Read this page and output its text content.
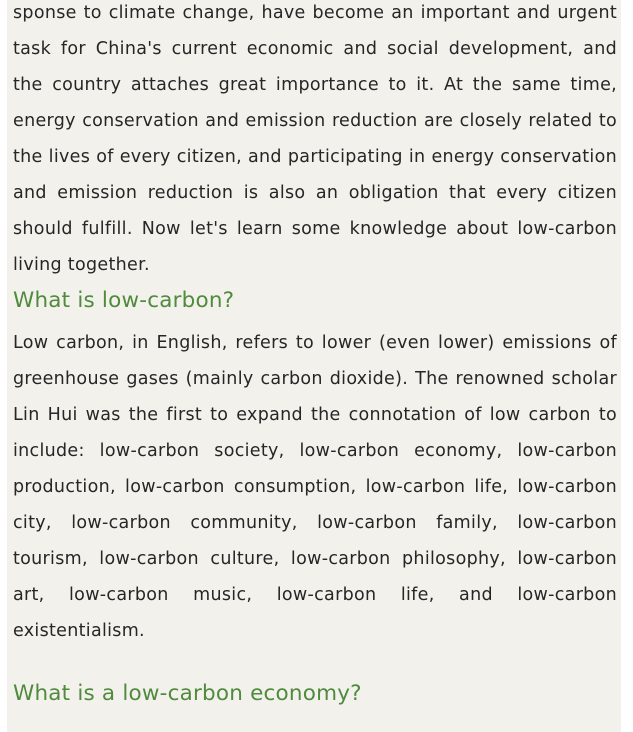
sponse to climate change, have become an important and urgent task for China's current economic and social development, and the country attaches great importance to it. At the same time, energy conservation and emission reduction are closely related to the lives of every citizen, and participating in energy conservation and emission reduction is also an obligation that every citizen should fulfill. Now let's learn some knowledge about low-carbon living together.

What is low-carbon?

Low carbon, in English, refers to lower (even lower) emissions of greenhouse gases (mainly carbon dioxide). The renowned scholar Lin Hui was the first to expand the connotation of low carbon to include: low-carbon society, low-carbon economy, low-carbon production, low-carbon consumption, low-carbon life, low-carbon city, low-carbon community, low-carbon family, low-carbon tourism, low-carbon culture, low-carbon philosophy, low-carbon art, low-carbon music, low-carbon life, and low-carbon existentialism.

What is a low-carbon economy?
